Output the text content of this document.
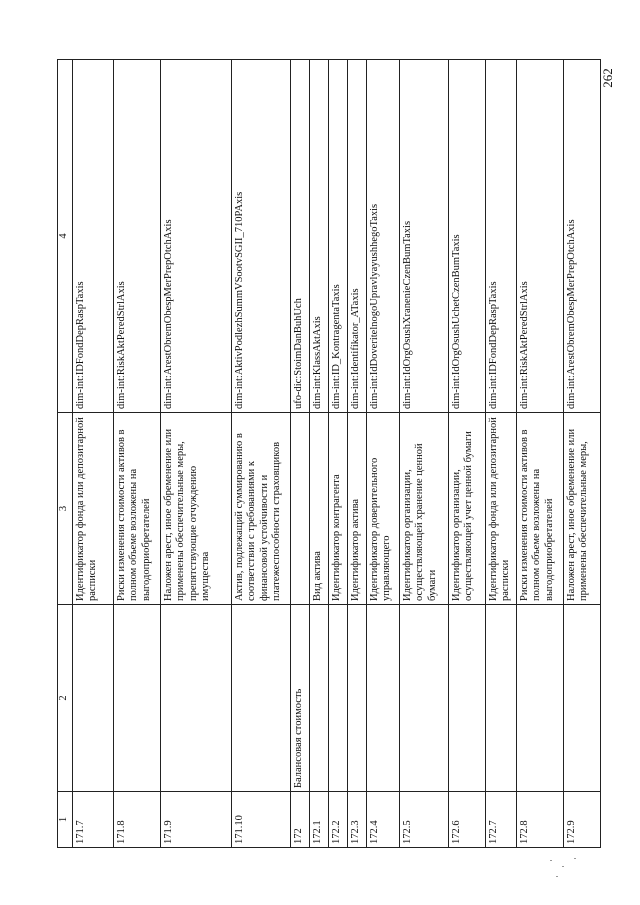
262
1	2	3	4
171.7		Идентификатор фонда или депозитарной расписки	dim-int:IDFondDepRaspTaxis
171.8		Риски изменения стоимости активов в полном объеме возложены на выгодоприобретателей	dim-int:RiskAktPeredStrlAxis
171.9		Наложен арест, иное обременение или применены обеспечительные меры, препятствующие отчуждению имущества	dim-int:ArestObremObespMerPrepOtchAxis
171.10		Актив, подлежащий суммированию в соответствии с требованиями к финансовой устойчивости и платежеспособности страховщиков	dim-int:AktivPodlezhSummVSootvSGII_710PAxis
172	Балансовая стоимость		ufo-dic:StoimDanBuhUch
172.1		Вид актива	dim-int:KlassAktAxis
172.2		Идентификатор контрагента	dim-int:ID_KontragentaTaxis
172.3		Идентификатор актива	dim-int:Identifikator_ATaxis
172.4		Идентификатор доверительного управляющего	dim-int:IdDoveritelnogoUpravlyayushhegoTaxis
172.5		Идентификатор организации, осуществляющей хранение ценной бумаги	dim-int:IdOrgOsushXranenieCzenBumTaxis
172.6		Идентификатор организации, осуществляющей учет ценной бумаги	dim-int:IdOrgOsushUchetCzenBumTaxis
172.7		Идентификатор фонда или депозитарной расписки	dim-int:IDFondDepRaspTaxis
172.8		Риски изменения стоимости активов в полном объеме возложены на выгодоприобретателей	dim-int:RiskAktPeredStrlAxis
172.9		Наложен арест, иное обременение или применены обеспечительные меры,	dim-int:ArestObremObespMerPrepOtchAxis
